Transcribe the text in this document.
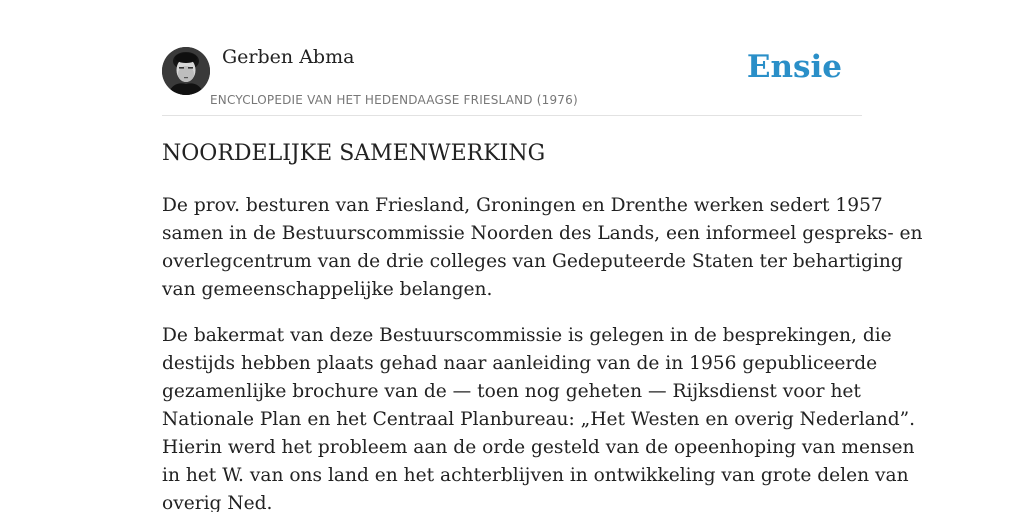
Gerben Abma
ENCYCLOPEDIE VAN HET HEDENDAAGSE FRIESLAND (1976)
Ensie
NOORDELIJKE SAMENWERKING

De prov. besturen van Friesland, Groningen en Drenthe werken sedert 1957
samen in de Bestuurscommissie Noorden des Lands, een informeel gespreks- en
overlegcentrum van de drie colleges van Gedeputeerde Staten ter behartiging
van gemeenschappelijke belangen.

De bakermat van deze Bestuurscommissie is gelegen in de besprekingen, die
destijds hebben plaats gehad naar aanleiding van de in 1956 gepubliceerde
gezamenlijke brochure van de — toen nog geheten — Rijksdienst voor het
Nationale Plan en het Centraal Planbureau: „Het Westen en overig Nederland”.
Hierin werd het probleem aan de orde gesteld van de opeenhoping van mensen
in het W. van ons land en het achterblijven in ontwikkeling van grote delen van
overig Ned.
